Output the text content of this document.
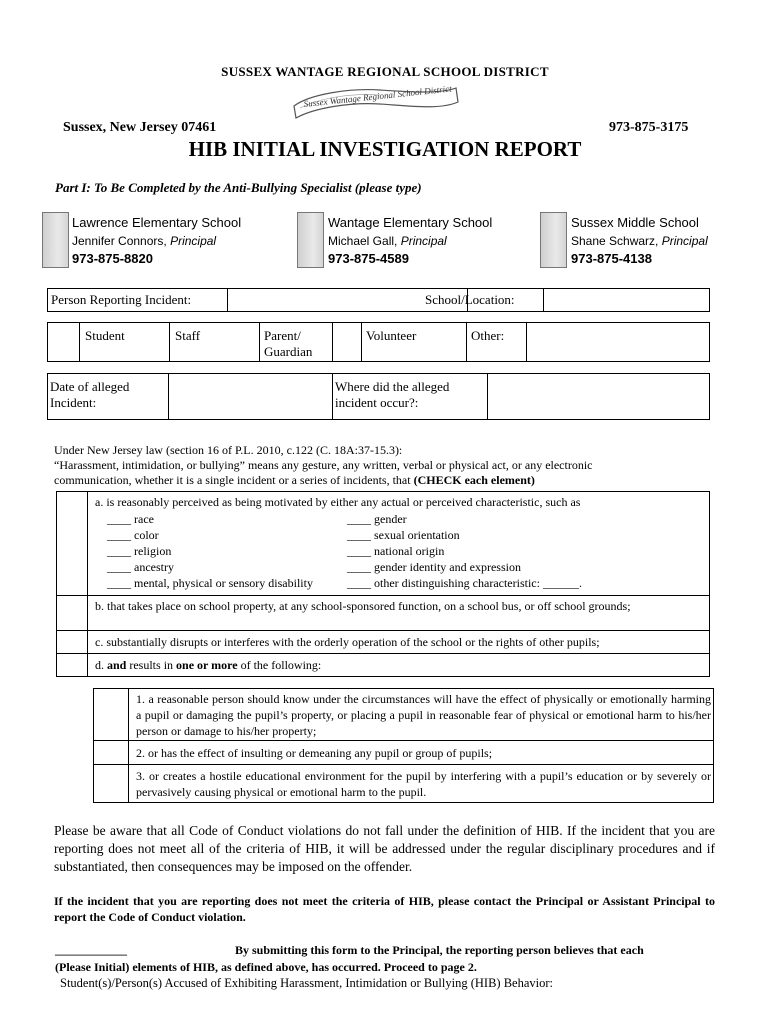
SUSSEX WANTAGE REGIONAL SCHOOL DISTRICT
Sussex Wantage Regional School District
Sussex, New Jersey 07461	973-875-3175
HIB INITIAL INVESTIGATION REPORT
Part I: To Be Completed by the Anti-Bullying Specialist (please type)
Lawrence Elementary School
Jennifer Connors, Principal
973-875-8820
Wantage Elementary School
Michael Gall, Principal
973-875-4589
Sussex Middle School
Shane Schwarz, Principal
973-875-4138
Person Reporting Incident:	School/Location:
Student	Staff	Parent/ Guardian
Volunteer	Other:
Date of alleged Incident:
Where did the alleged incident occur?:
Under New Jersey law (section 16 of P.L. 2010, c.122 (C. 18A:37-15.3):
“Harassment, intimidation, or bullying” means any gesture, any written, verbal or physical act, or any electronic
communication, whether it is a single incident or a series of incidents, that (CHECK each element)
a. is reasonably perceived as being motivated by either any actual or perceived characteristic, such as
____ race
____ color
____ religion
____ ancestry
____ mental, physical or sensory disability
____ gender
____ sexual orientation
____ national origin
____ gender identity and expression
____ other distinguishing characteristic: ______.
b. that takes place on school property, at any school-sponsored function, on a school bus, or off school grounds;
c. substantially disrupts or interferes with the orderly operation of the school or the rights of other pupils;
d. and results in one or more of the following:
1. a reasonable person should know under the circumstances will have the effect of physically or emotionally harming a pupil or damaging the pupil’s property, or placing a pupil in reasonable fear of physical or emotional harm to his/her person or damage to his/her property;
2. or has the effect of insulting or demeaning any pupil or group of pupils;
3. or creates a hostile educational environment for the pupil by interfering with a pupil’s education or by severely or pervasively causing physical or emotional harm to the pupil.
Please be aware that all Code of Conduct violations do not fall under the definition of HIB. If the incident that you are reporting does not meet all of the criteria of HIB, it will be addressed under the regular disciplinary procedures and if substantiated, then consequences may be imposed on the offender.
If the incident that you are reporting does not meet the criteria of HIB, please contact the Principal or Assistant Principal to report the Code of Conduct violation.
____________	By submitting this form to the Principal, the reporting person believes that each
(Please Initial) elements of HIB, as defined above, has occurred. Proceed to page 2.
Student(s)/Person(s) Accused of Exhibiting Harassment, Intimidation or Bullying (HIB) Behavior:
